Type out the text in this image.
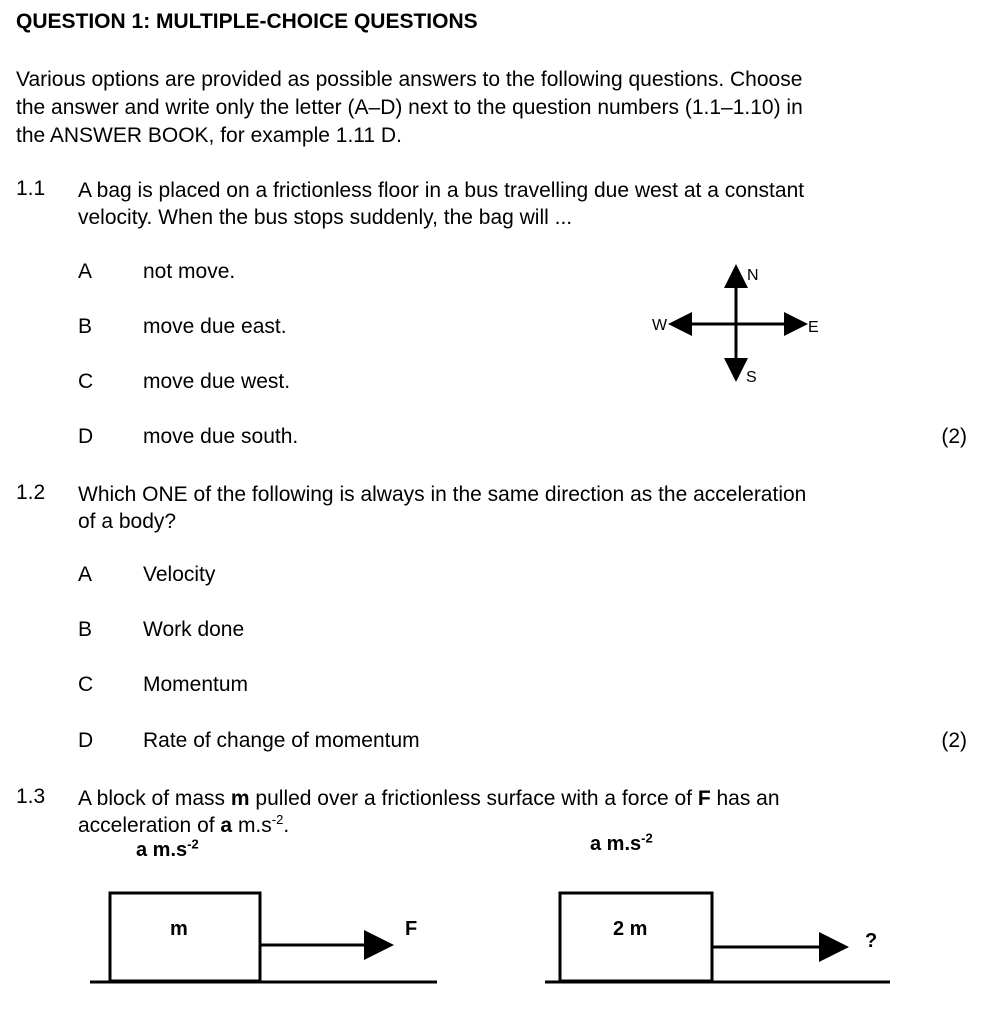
QUESTION 1: MULTIPLE-CHOICE QUESTIONS
Various options are provided as possible answers to the following questions. Choose
the answer and write only the letter (A–D) next to the question numbers (1.1–1.10) in
the ANSWER BOOK, for example 1.11 D.
1.1 A bag is placed on a frictionless floor in a bus travelling due west at a constant
velocity. When the bus stops suddenly, the bag will ...
A not move.
B move due east.
C move due west.
D move due south.	(2)
N
E
S
W
1.2 Which ONE of the following is always in the same direction as the acceleration
of a body?
A Velocity
B Work done
C Momentum
D Rate of change of momentum	(2)
1.3 A block of mass m pulled over a frictionless surface with a force of F has an
acceleration of a $m.s^{-2}$.
a $m.s^{-2}$
m	F
a $m.s^{-2}$
2 m
?
